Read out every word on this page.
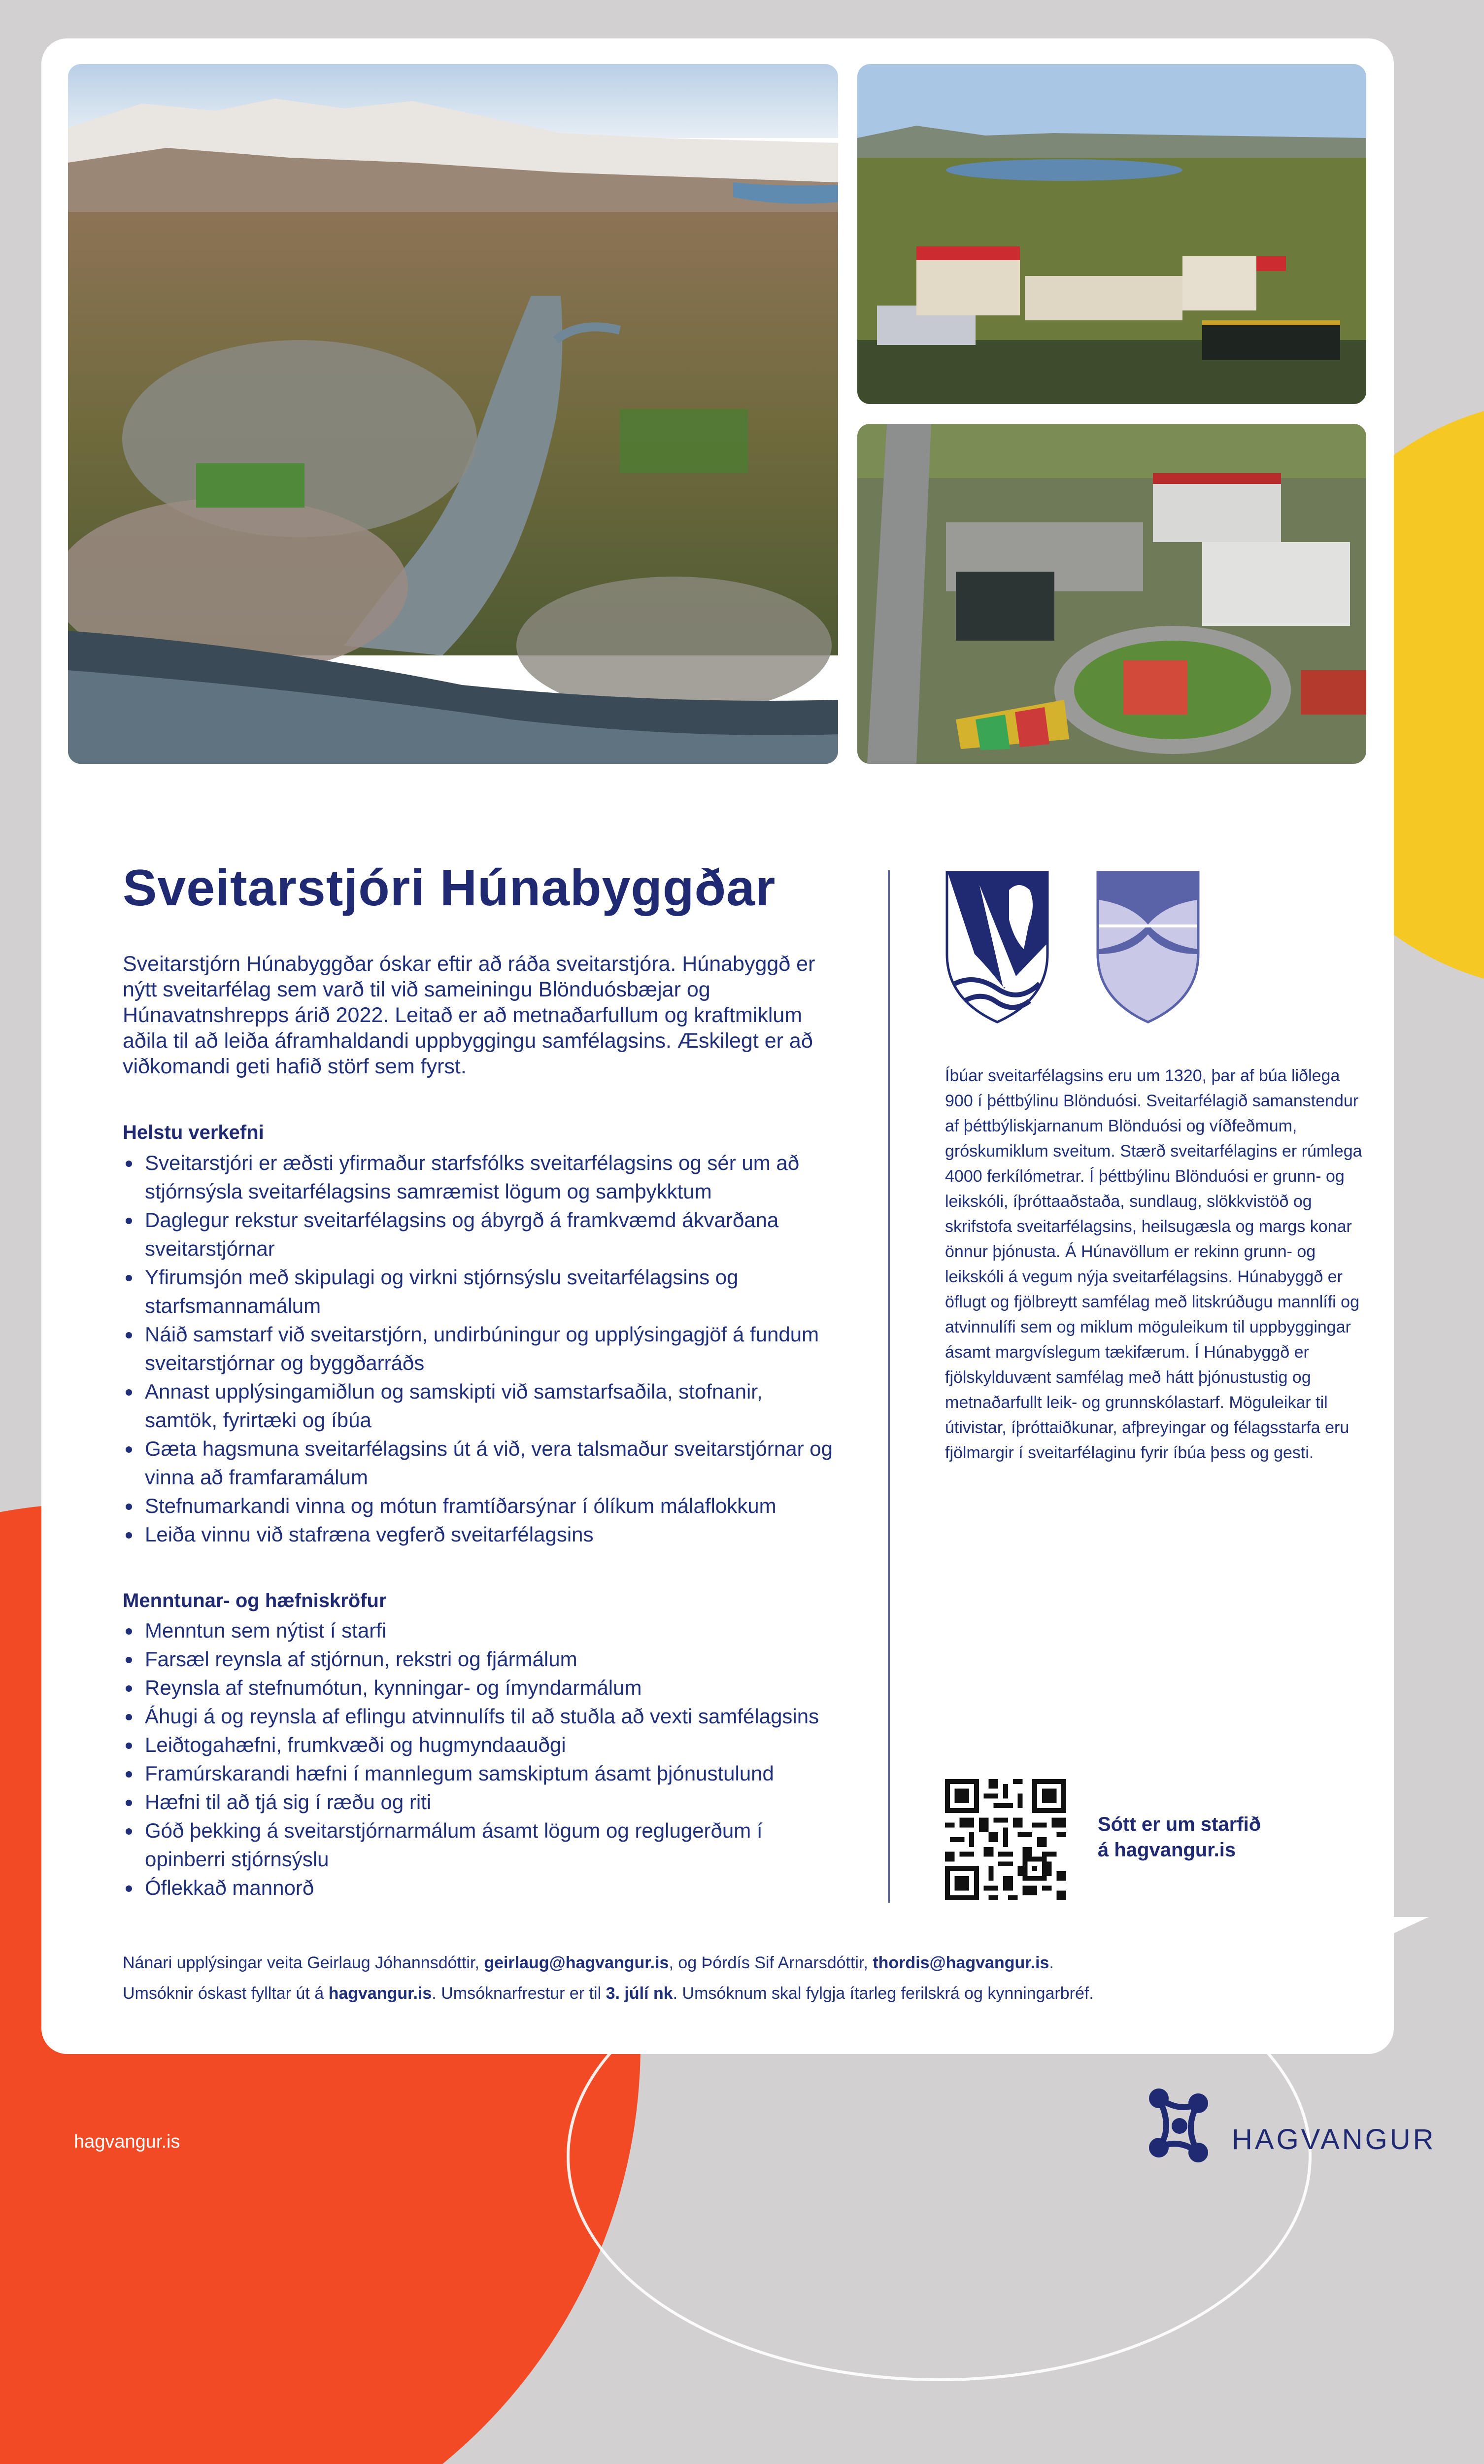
Sveitarstjóri Húnabyggðar

Sveitarstjórn Húnabyggðar óskar eftir að ráða sveitarstjóra. Húnabyggð er nýtt sveitarfélag sem varð til við sameiningu Blönduósbæjar og Húnavatnshrepps árið 2022. Leitað er að metnaðarfullum og kraftmiklum aðila til að leiða áframhaldandi uppbyggingu samfélagsins. Æskilegt er að viðkomandi geti hafið störf sem fyrst.

Helstu verkefni
Sveitarstjóri er æðsti yfirmaður starfsfólks sveitarfélagsins og sér um að stjórnsýsla sveitarfélagsins samræmist lögum og samþykktum
Daglegur rekstur sveitarfélagsins og ábyrgð á framkvæmd ákvarðana sveitarstjórnar
Yfirumsjón með skipulagi og virkni stjórnsýslu sveitarfélagsins og starfsmannamálum
Náið samstarf við sveitarstjórn, undirbúningur og upplýsingagjöf á fundum sveitarstjórnar og byggðarráðs
Annast upplýsingamiðlun og samskipti við samstarfsaðila, stofnanir, samtök, fyrirtæki og íbúa
Gæta hagsmuna sveitarfélagsins út á við, vera talsmaður sveitarstjórnar og vinna að framfaramálum
Stefnumarkandi vinna og mótun framtíðarsýnar í ólíkum málaflokkum
Leiða vinnu við stafræna vegferð sveitarfélagsins
Menntunar- og hæfniskröfur
Menntun sem nýtist í starfi
Farsæl reynsla af stjórnun, rekstri og fjármálum
Reynsla af stefnumótun, kynningar- og ímyndarmálum
Áhugi á og reynsla af eflingu atvinnulífs til að stuðla að vexti samfélagsins
Leiðtogahæfni, frumkvæði og hugmyndaauðgi
Framúrskarandi hæfni í mannlegum samskiptum ásamt þjónustulund
Hæfni til að tjá sig í ræðu og riti
Góð þekking á sveitarstjórnarmálum ásamt lögum og reglugerðum í opinberri stjórnsýslu
Óflekkað mannorð

Íbúar sveitarfélagsins eru um 1320, þar af búa liðlega 900 í þéttbýlinu Blönduósi. Sveitarfélagið samanstendur af þéttbýliskjarnanum Blönduósi og víðfeðmum, gróskumiklum sveitum. Stærð sveitarfélagins er rúmlega 4000 ferkílómetrar. Í þéttbýlinu Blönduósi er grunn- og leikskóli, íþróttaaðstaða, sundlaug, slökkvistöð og skrifstofa sveitarfélagsins, heilsugæsla og margs konar önnur þjónusta. Á Húnavöllum er rekinn grunn- og leikskóli á vegum nýja sveitarfélagsins. Húnabyggð er öflugt og fjölbreytt samfélag með litskrúðugu mannlífi og atvinnulífi sem og miklum möguleikum til uppbyggingar ásamt margvíslegum tækifærum. Í Húnabyggð er fjölskylduvænt samfélag með hátt þjónustustig og metnaðarfullt leik- og grunnskólastarf. Möguleikar til útivistar, íþróttaiðkunar, afþreyingar og félagsstarfa eru fjölmargir í sveitarfélaginu fyrir íbúa þess og gesti.

Sótt er um starfið
á hagvangur.is

Nánari upplýsingar veita Geirlaug Jóhannsdóttir, geirlaug@hagvangur.is, og Þórdís Sif Arnarsdóttir, thordis@hagvangur.is.

Umsóknir óskast fylltar út á hagvangur.is. Umsóknarfrestur er til 3. júlí nk. Umsóknum skal fylgja ítarleg ferilskrá og kynningarbréf.

hagvangur.is	HAGVANGUR
